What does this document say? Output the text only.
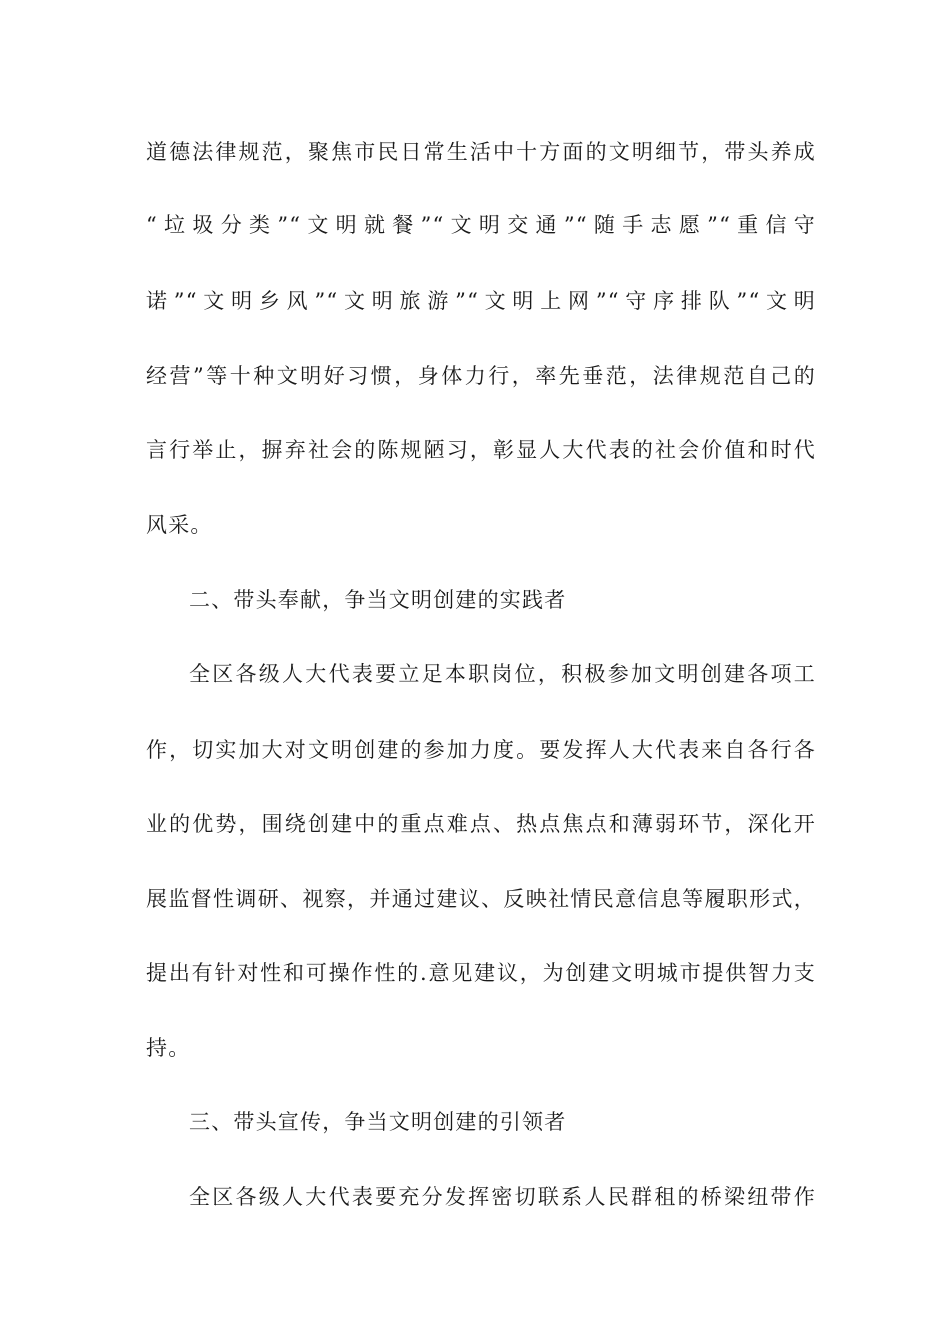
道德法律规范，聚焦市民日常生活中十方面的文明细节，带头养成
“垃圾分类”“文明就餐”“文明交通”“随手志愿”“重信守
诺”“文明乡风”“文明旅游”“文明上网”“守序排队”“文明
经营”等十种文明好习惯，身体力行，率先垂范，法律规范自己的
言行举止，摒弃社会的陈规陋习，彰显人大代表的社会价值和时代
风采。
二、带头奉献，争当文明创建的实践者
全区各级人大代表要立足本职岗位，积极参加文明创建各项工
作，切实加大对文明创建的参加力度。要发挥人大代表来自各行各
业的优势，围绕创建中的重点难点、热点焦点和薄弱环节，深化开
展监督性调研、视察，并通过建议、反映社情民意信息等履职形式，
提出有针对性和可操作性的.意见建议，为创建文明城市提供智力支
持。
三、带头宣传，争当文明创建的引领者
全区各级人大代表要充分发挥密切联系人民群租的桥梁纽带作
